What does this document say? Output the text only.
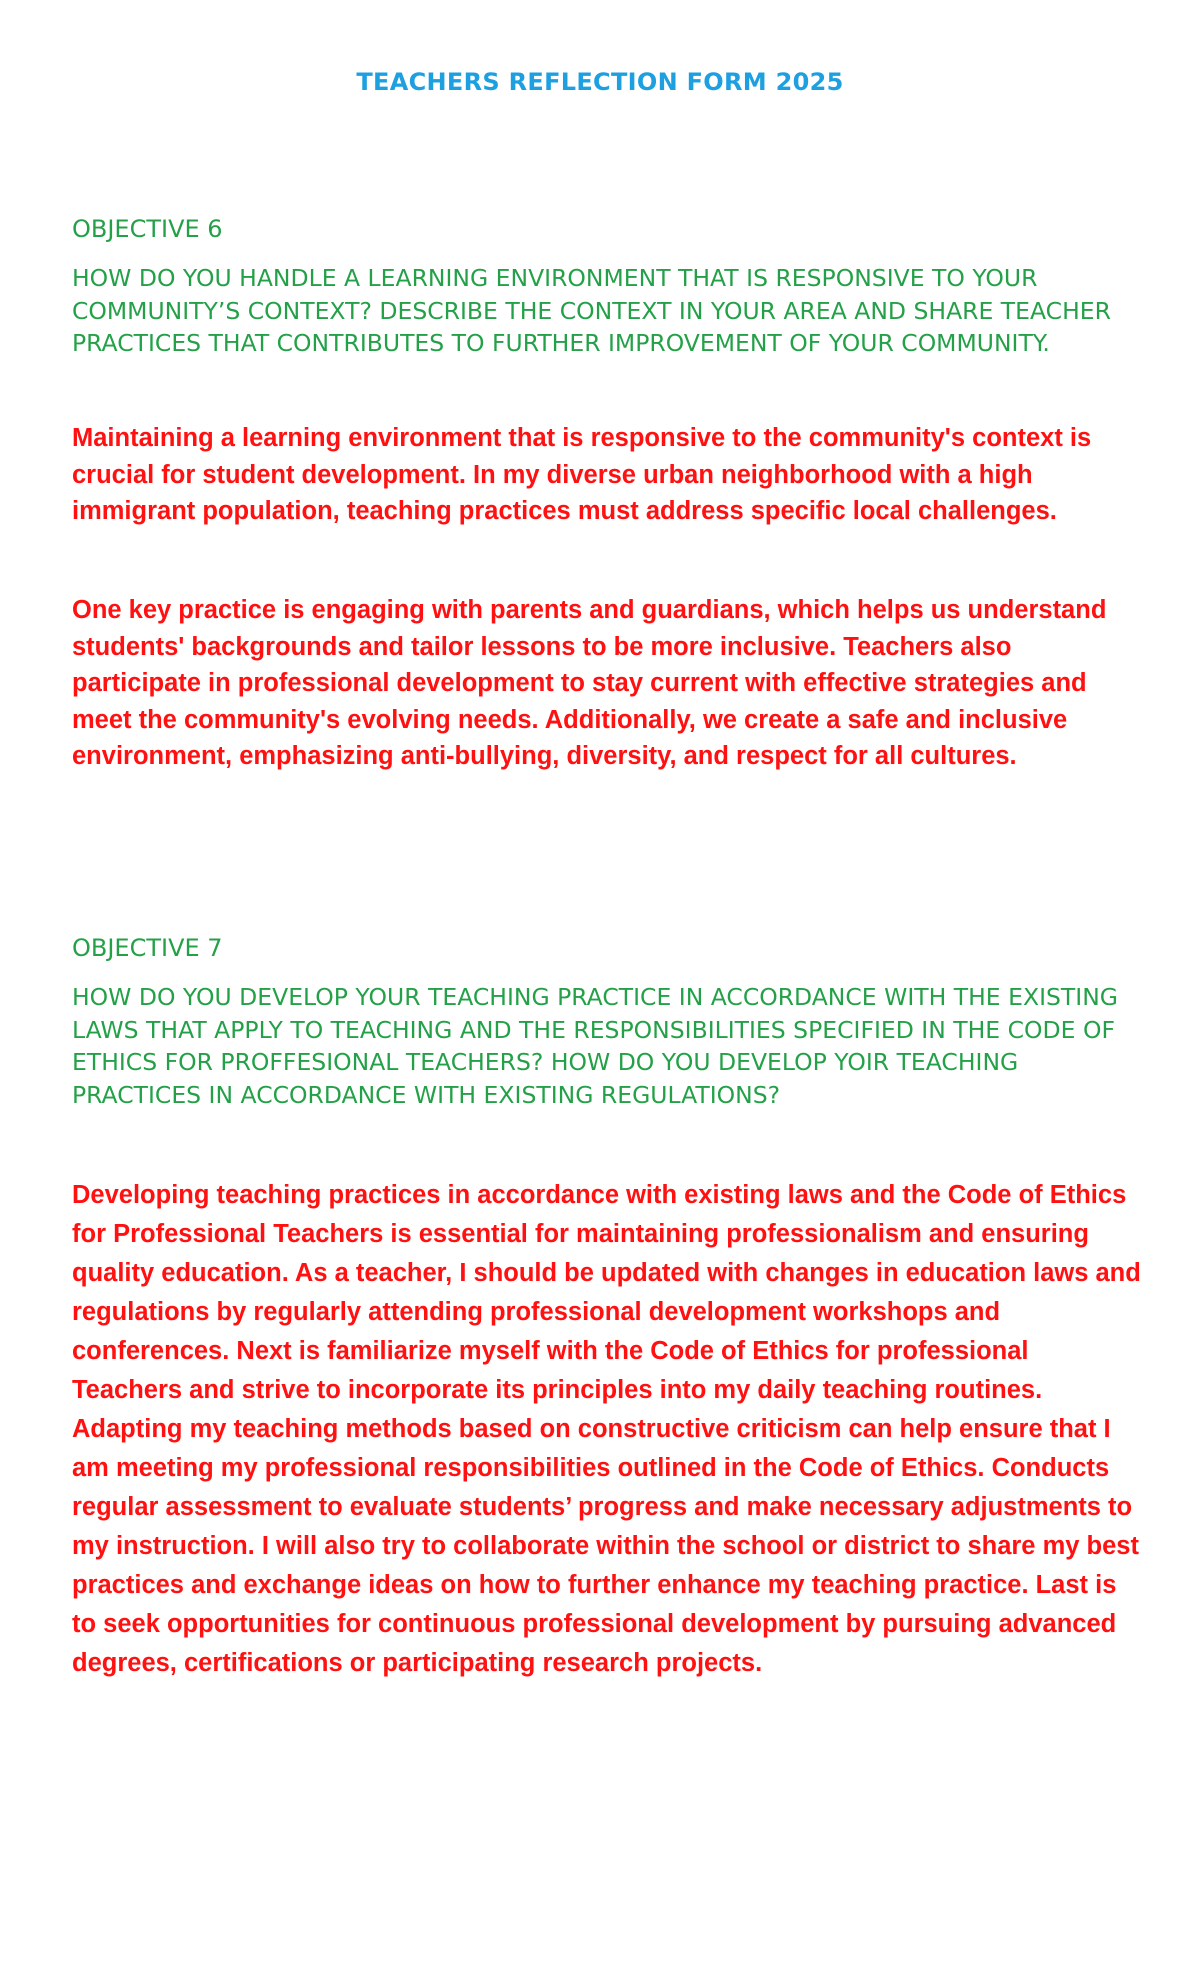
TEACHERS REFLECTION FORM 2025

OBJECTIVE 6

HOW DO YOU HANDLE A LEARNING ENVIRONMENT THAT IS RESPONSIVE TO YOUR COMMUNITY’S CONTEXT? DESCRIBE THE CONTEXT IN YOUR AREA AND SHARE TEACHER PRACTICES THAT CONTRIBUTES TO FURTHER IMPROVEMENT OF YOUR COMMUNITY.

Maintaining a learning environment that is responsive to the community's context is crucial for student development. In my diverse urban neighborhood with a high immigrant population, teaching practices must address specific local challenges.

One key practice is engaging with parents and guardians, which helps us understand students' backgrounds and tailor lessons to be more inclusive. Teachers also participate in professional development to stay current with effective strategies and meet the community's evolving needs. Additionally, we create a safe and inclusive environment, emphasizing anti-bullying, diversity, and respect for all cultures.

OBJECTIVE 7

HOW DO YOU DEVELOP YOUR TEACHING PRACTICE IN ACCORDANCE WITH THE EXISTING LAWS THAT APPLY TO TEACHING AND THE RESPONSIBILITIES SPECIFIED IN THE CODE OF ETHICS FOR PROFFESIONAL TEACHERS? HOW DO YOU DEVELOP YOIR TEACHING PRACTICES IN ACCORDANCE WITH EXISTING REGULATIONS?

Developing teaching practices in accordance with existing laws and the Code of Ethics for Professional Teachers is essential for maintaining professionalism and ensuring quality education. As a teacher, I should be updated with changes in education laws and regulations by regularly attending professional development workshops and conferences. Next is familiarize myself with the Code of Ethics for professional Teachers and strive to incorporate its principles into my daily teaching routines. Adapting my teaching methods based on constructive criticism can help ensure that I am meeting my professional responsibilities outlined in the Code of Ethics. Conducts regular assessment to evaluate students’ progress and make necessary adjustments to my instruction. I will also try to collaborate within the school or district to share my best practices and exchange ideas on how to further enhance my teaching practice. Last is to seek opportunities for continuous professional development by pursuing advanced degrees, certifications or participating research projects.
